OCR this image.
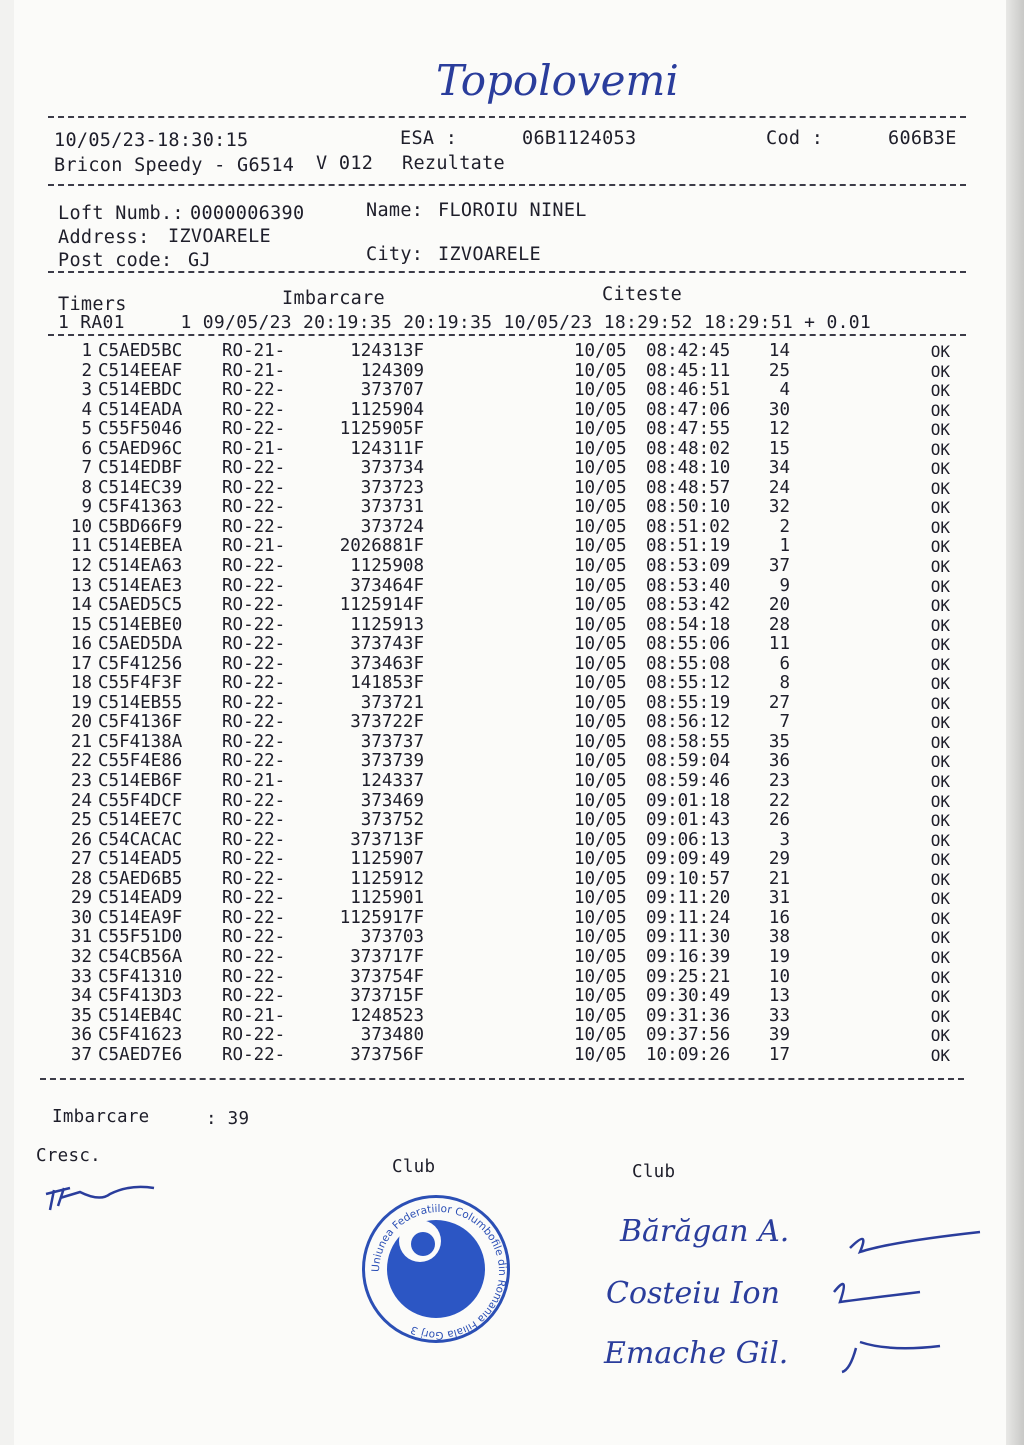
Topolovemi
10/05/23-18:30:15	ESA :	06B1124053	Cod :	606B3E
Bricon Speedy - G6514 V 012 Rezultate
Loft Numb.: 0000006390	Name: FLOROIU NINEL
Address: IZVOARELE
Post code: GJ	City: IZVOARELE
Timers	Imbarcare	Citeste
1 RA01     1 09/05/23 20:19:35 20:19:35 10/05/23 18:29:52 18:29:51 + 0.01
1	C5AED5BC	RO-21-	124313F	10/05	08:42:45	14	OK
2	C514EEAF	RO-21-	124309	10/05	08:45:11	25	OK
3	C514EBDC	RO-22-	373707	10/05	08:46:51	4	OK
4	C514EADA	RO-22-	1125904	10/05	08:47:06	30	OK
5	C55F5046	RO-22-	1125905F	10/05	08:47:55	12	OK
6	C5AED96C	RO-21-	124311F	10/05	08:48:02	15	OK
7	C514EDBF	RO-22-	373734	10/05	08:48:10	34	OK
8	C514EC39	RO-22-	373723	10/05	08:48:57	24	OK
9	C5F41363	RO-22-	373731	10/05	08:50:10	32	OK
10	C5BD66F9	RO-22-	373724	10/05	08:51:02	2	OK
11	C514EBEA	RO-21-	2026881F	10/05	08:51:19	1	OK
12	C514EA63	RO-22-	1125908	10/05	08:53:09	37	OK
13	C514EAE3	RO-22-	373464F	10/05	08:53:40	9	OK
14	C5AED5C5	RO-22-	1125914F	10/05	08:53:42	20	OK
15	C514EBE0	RO-22-	1125913	10/05	08:54:18	28	OK
16	C5AED5DA	RO-22-	373743F	10/05	08:55:06	11	OK
17	C5F41256	RO-22-	373463F	10/05	08:55:08	6	OK
18	C55F4F3F	RO-22-	141853F	10/05	08:55:12	8	OK
19	C514EB55	RO-22-	373721	10/05	08:55:19	27	OK
20	C5F4136F	RO-22-	373722F	10/05	08:56:12	7	OK
21	C5F4138A	RO-22-	373737	10/05	08:58:55	35	OK
22	C55F4E86	RO-22-	373739	10/05	08:59:04	36	OK
23	C514EB6F	RO-21-	124337	10/05	08:59:46	23	OK
24	C55F4DCF	RO-22-	373469	10/05	09:01:18	22	OK
25	C514EE7C	RO-22-	373752	10/05	09:01:43	26	OK
26	C54CACAC	RO-22-	373713F	10/05	09:06:13	3	OK
27	C514EAD5	RO-22-	1125907	10/05	09:09:49	29	OK
28	C5AED6B5	RO-22-	1125912	10/05	09:10:57	21	OK
29	C514EAD9	RO-22-	1125901	10/05	09:11:20	31	OK
30	C514EA9F	RO-22-	1125917F	10/05	09:11:24	16	OK
31	C55F51D0	RO-22-	373703	10/05	09:11:30	38	OK
32	C54CB56A	RO-22-	373717F	10/05	09:16:39	19	OK
33	C5F41310	RO-22-	373754F	10/05	09:25:21	10	OK
34	C5F413D3	RO-22-	373715F	10/05	09:30:49	13	OK
35	C514EB4C	RO-21-	1248523	10/05	09:31:36	33	OK
36	C5F41623	RO-22-	373480	10/05	09:37:56	39	OK
37	C5AED7E6	RO-22-	373756F	10/05	10:09:26	17	OK
Imbarcare	: 39
Cresc.
Club	Club
Uniunea Federatiilor Columbofile din Romania Filiala Gorj 3
Bărăgan A.
Costeiu Ion
Emache Gil.
